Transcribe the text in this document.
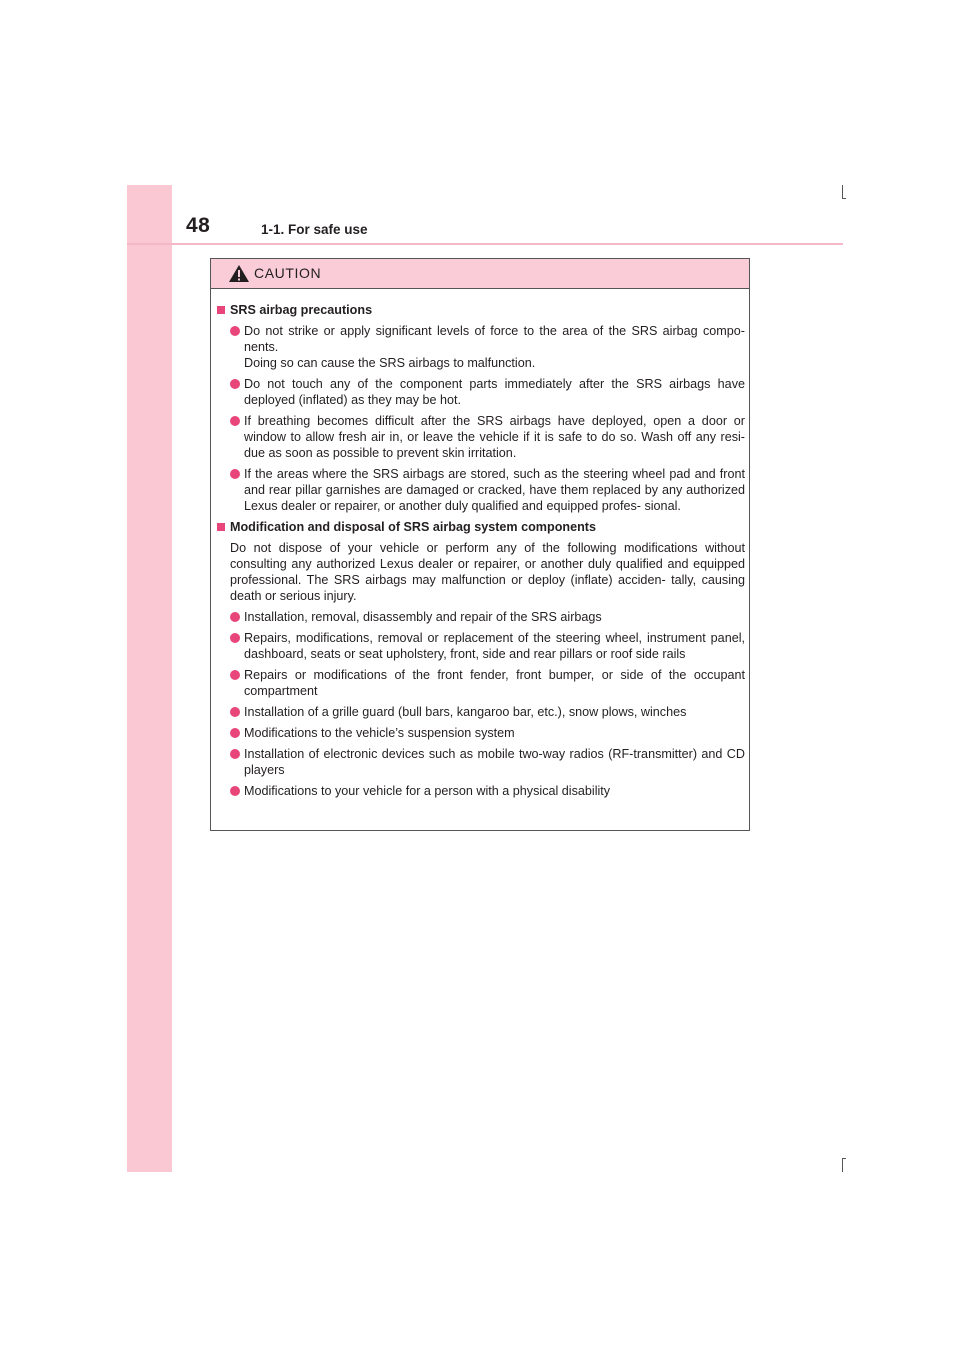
48	1-1. For safe use
CAUTION
SRS airbag precautions
Do not strike or apply significant levels of force to the area of the SRS airbag compo- nents.
Doing so can cause the SRS airbags to malfunction.
Do not touch any of the component parts immediately after the SRS airbags have deployed (inflated) as they may be hot.
If breathing becomes difficult after the SRS airbags have deployed, open a door or window to allow fresh air in, or leave the vehicle if it is safe to do so. Wash off any resi- due as soon as possible to prevent skin irritation.
If the areas where the SRS airbags are stored, such as the steering wheel pad and front and rear pillar garnishes are damaged or cracked, have them replaced by any authorized Lexus dealer or repairer, or another duly qualified and equipped profes- sional.
Modification and disposal of SRS airbag system components
Do not dispose of your vehicle or perform any of the following modifications without consulting any authorized Lexus dealer or repairer, or another duly qualified and equipped professional. The SRS airbags may malfunction or deploy (inflate) acciden- tally, causing death or serious injury.
Installation, removal, disassembly and repair of the SRS airbags
Repairs, modifications, removal or replacement of the steering wheel, instrument panel, dashboard, seats or seat upholstery, front, side and rear pillars or roof side rails
Repairs or modifications of the front fender, front bumper, or side of the occupant compartment
Installation of a grille guard (bull bars, kangaroo bar, etc.), snow plows, winches
Modifications to the vehicle’s suspension system
Installation of electronic devices such as mobile two-way radios (RF-transmitter) and CD players
Modifications to your vehicle for a person with a physical disability
